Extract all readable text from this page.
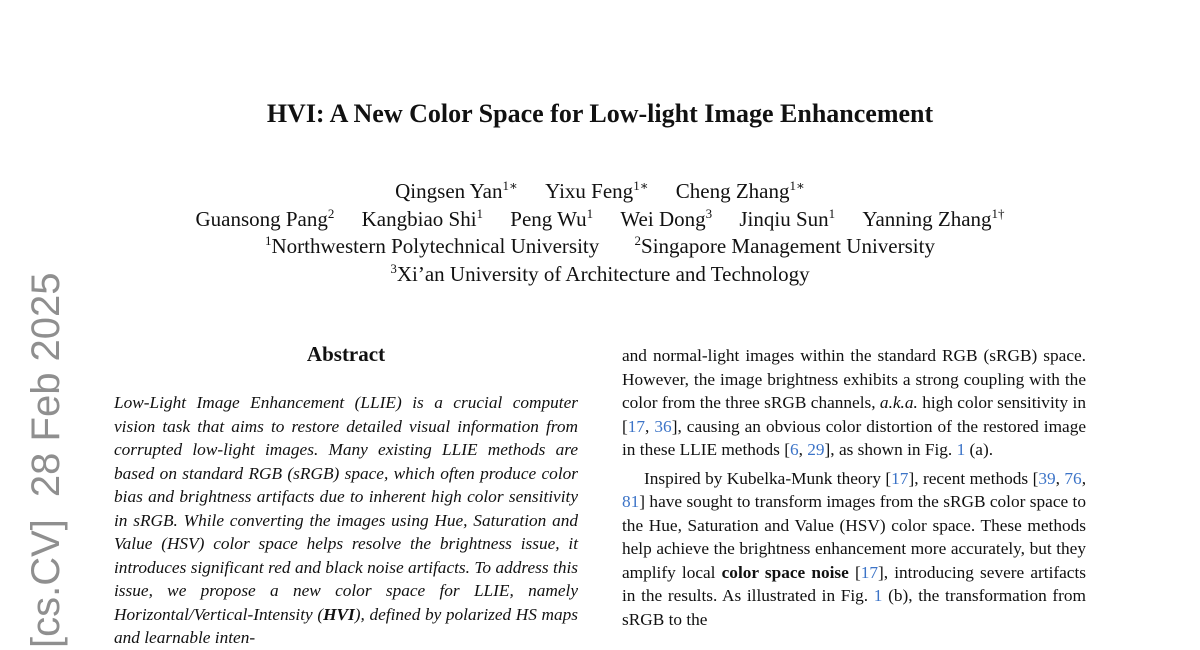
[cs.CV]28 Feb 2025
HVI: A New Color Space for Low-light Image Enhancement
Qingsen Yan$^{1∗}$ Yixu Feng$^{1∗}$ Cheng Zhang$^{1∗}$
Guansong Pang$^2$ Kangbiao Shi$^1$ Peng Wu$^1$ Wei Dong$^3$ Jinqiu Sun$^1$ Yanning Zhang$^{1\dagger}$
$^1$Northwestern Polytechnical University	$^2$Singapore Management University
$^3$Xi’an University of Architecture and Technology
Abstract
Low-Light Image Enhancement (LLIE) is a crucial computer vision task that aims to restore detailed visual information from corrupted low-light images. Many existing LLIE methods are based on standard RGB (sRGB) space, which often produce color bias and brightness artifacts due to inherent high color sensitivity in sRGB. While converting the images using Hue, Saturation and Value (HSV) color space helps resolve the brightness issue, it introduces significant red and black noise artifacts. To address this issue, we propose a new color space for LLIE, namely Horizontal/Vertical-Intensity (HVI), defined by polarized HS maps and learnable inten-

and normal-light images within the standard RGB (sRGB) space. However, the image brightness exhibits a strong coupling with the color from the three sRGB channels, a.k.a. high color sensitivity in [17, 36], causing an obvious color distortion of the restored image in these LLIE methods [6, 29], as shown in Fig. 1 (a).

Inspired by Kubelka-Munk theory [17], recent methods [39, 76, 81] have sought to transform images from the sRGB color space to the Hue, Saturation and Value (HSV) color space. These methods help achieve the brightness enhancement more accurately, but they amplify local color space noise [17], introducing severe artifacts in the results. As illustrated in Fig. 1 (b), the transformation from sRGB to the
